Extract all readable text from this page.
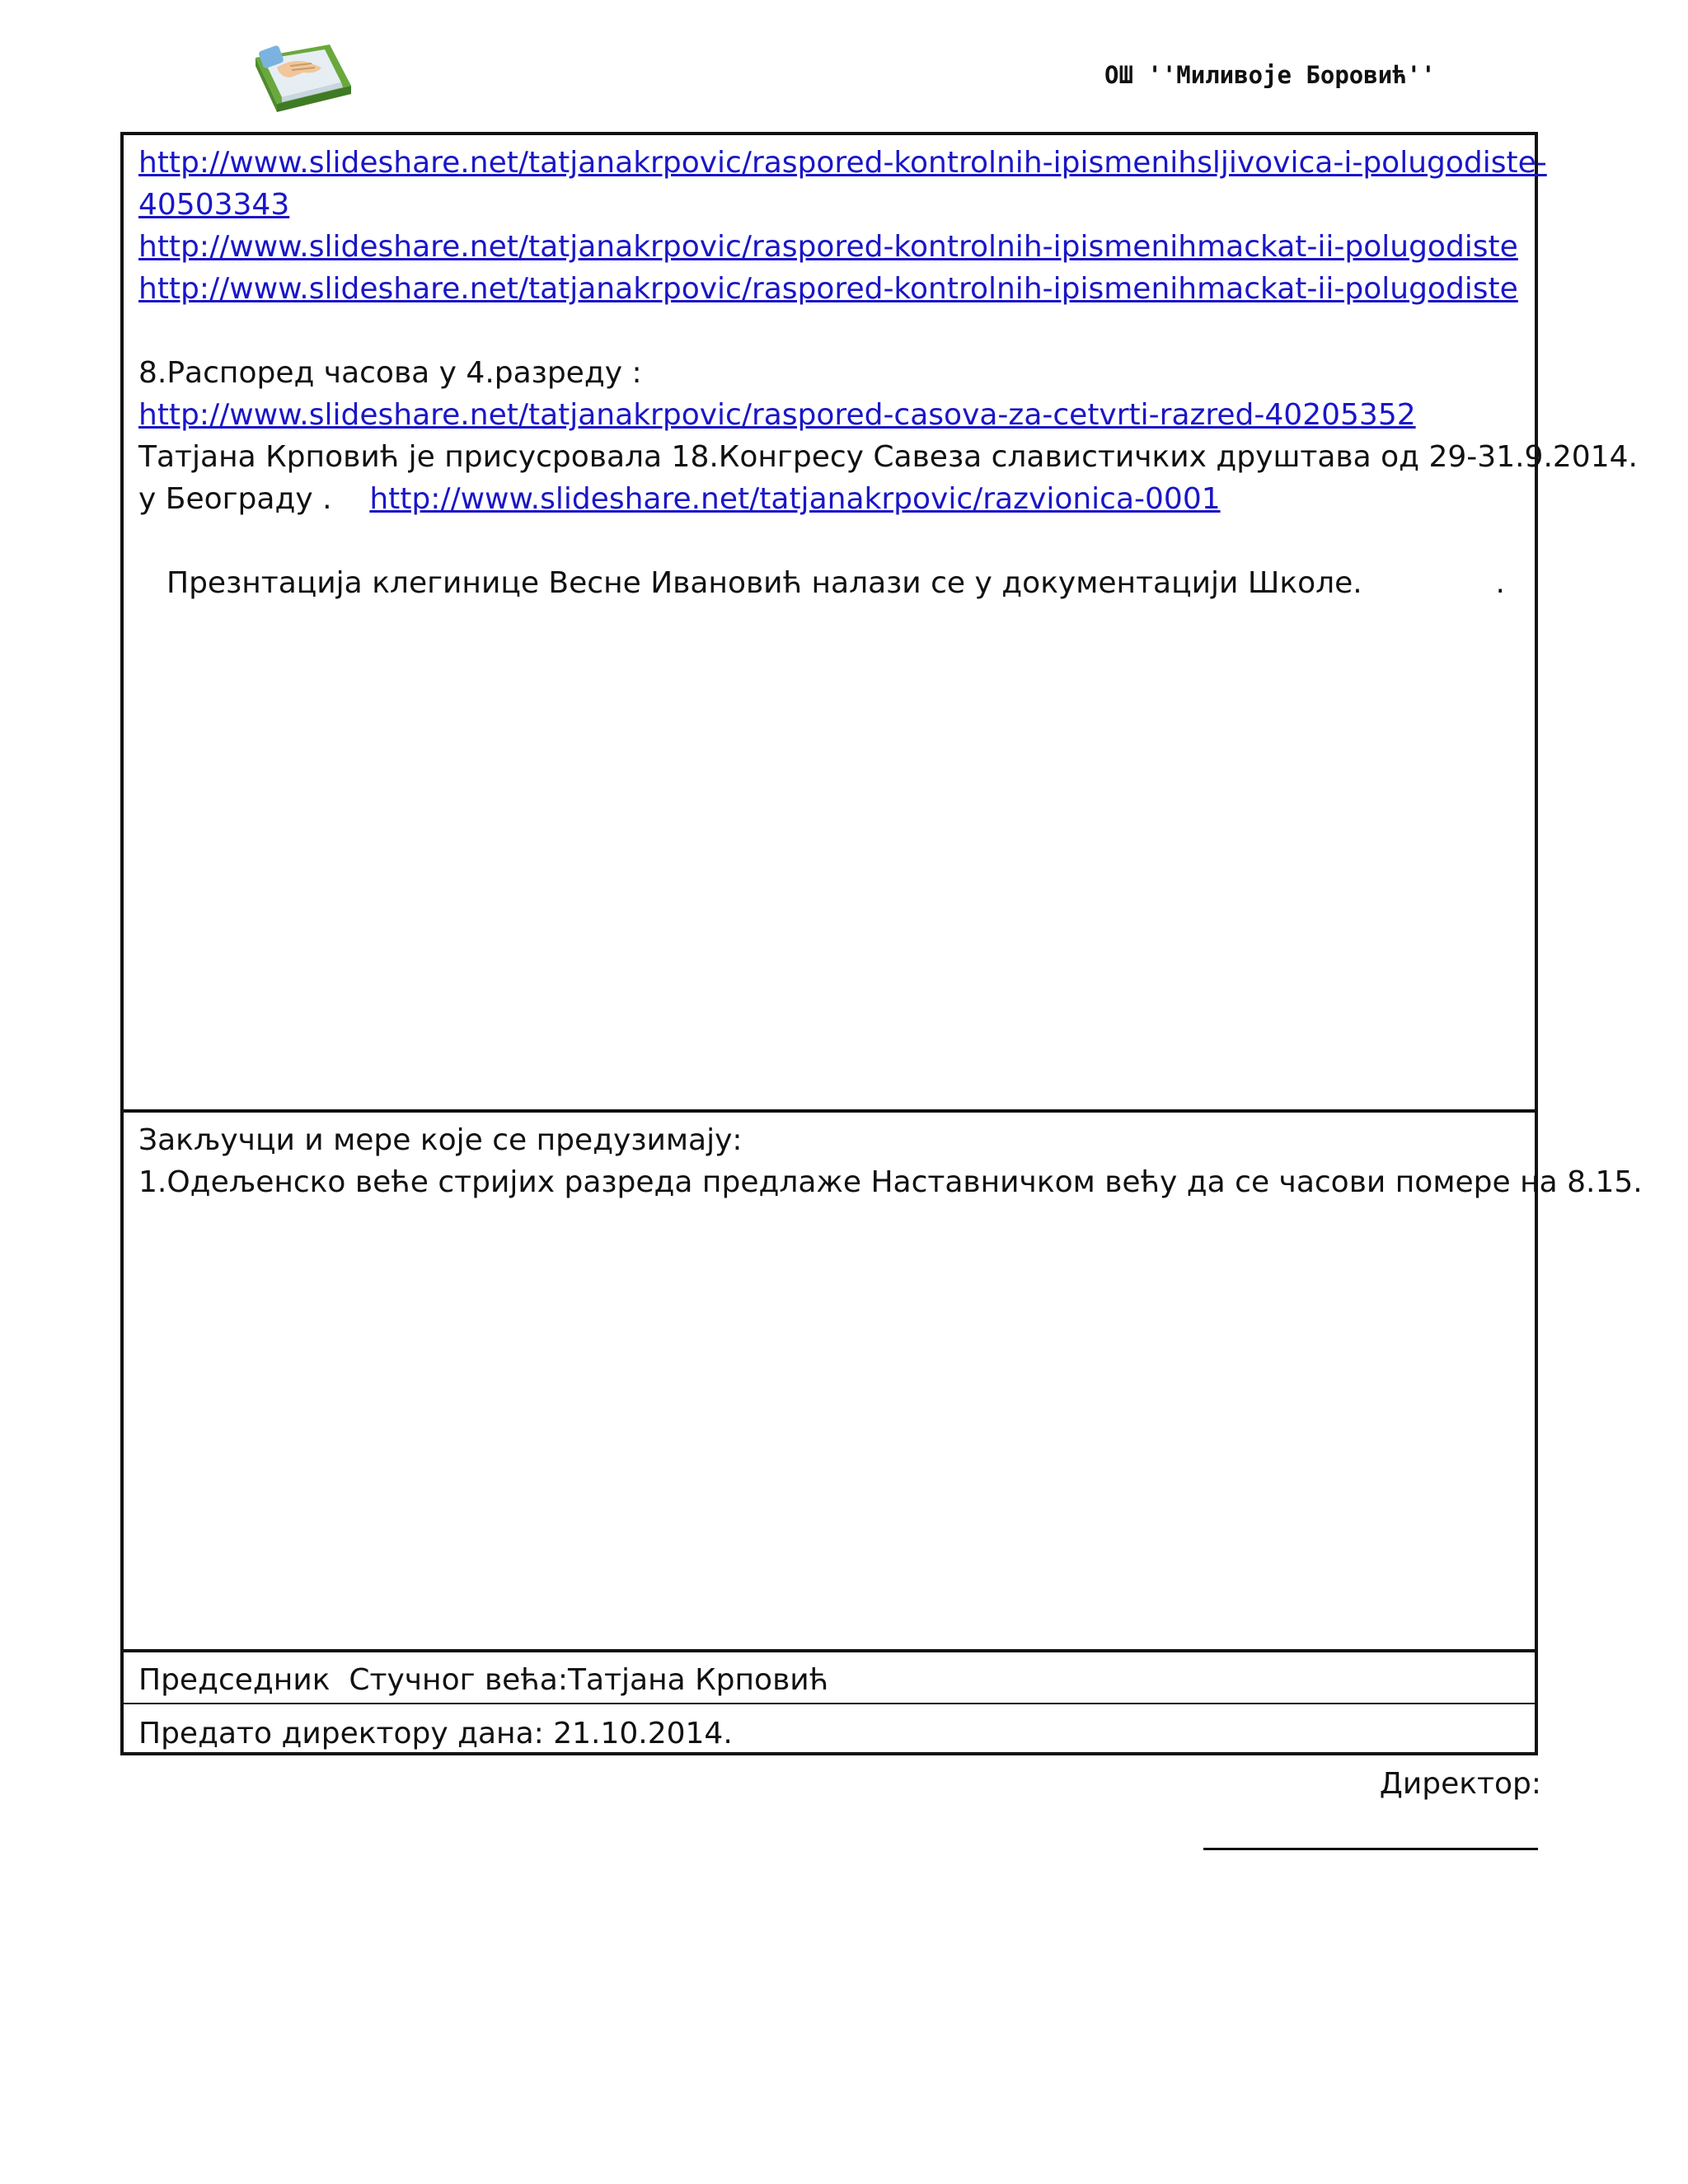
ОШ ''Миливоје Боровић''
http://www.slideshare.net/tatjanakrpovic/raspored-kontrolnih-ipismenihsljivovica-i-polugodiste-
40503343
http://www.slideshare.net/tatjanakrpovic/raspored-kontrolnih-ipismenihmackat-ii-polugodiste
http://www.slideshare.net/tatjanakrpovic/raspored-kontrolnih-ipismenihmackat-ii-polugodiste
8.Распоред часова у 4.разреду :
http://www.slideshare.net/tatjanakrpovic/raspored-casova-za-cetvrti-razred-40205352
Татјана Крповић је присусровала 18.Конгресу Савеза славистичких друштава од 29-31.9.2014.
у Београду . http://www.slideshare.net/tatjanakrpovic/razvionica-0001
Презнтација клегинице Весне Ивановић налази се у документацији Школе.	.
Закључци и мере које се предузимају:
1.Одељенско веће стријих разреда предлаже Наставничком већу да се часови помере на 8.15.
Председник  Стучног већа:Татјана Крповић
Предато директору дана: 21.10.2014.
Директор:
